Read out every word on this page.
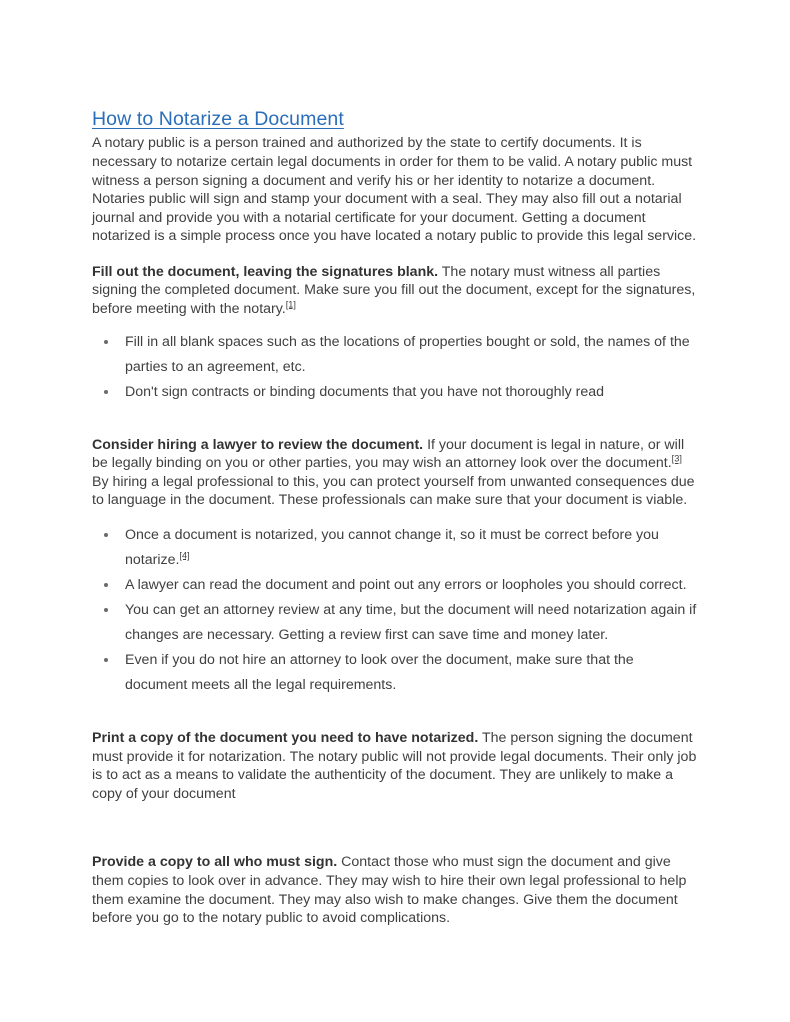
How to Notarize a Document

A notary public is a person trained and authorized by the state to certify documents. It is necessary to notarize certain legal documents in order for them to be valid. A notary public must witness a person signing a document and verify his or her identity to notarize a document. Notaries public will sign and stamp your document with a seal. They may also fill out a notarial journal and provide you with a notarial certificate for your document. Getting a document notarized is a simple process once you have located a notary public to provide this legal service.

Fill out the document, leaving the signatures blank. The notary must witness all parties signing the completed document. Make sure you fill out the document, except for the signatures, before meeting with the notary.[1]

Fill in all blank spaces such as the locations of properties bought or sold, the names of the parties to an agreement, etc.
Don't sign contracts or binding documents that you have not thoroughly read

Consider hiring a lawyer to review the document. If your document is legal in nature, or will be legally binding on you or other parties, you may wish an attorney look over the document.[3] By hiring a legal professional to this, you can protect yourself from unwanted consequences due to language in the document. These professionals can make sure that your document is viable.

Once a document is notarized, you cannot change it, so it must be correct before you notarize.[4]
A lawyer can read the document and point out any errors or loopholes you should correct.
You can get an attorney review at any time, but the document will need notarization again if changes are necessary. Getting a review first can save time and money later.
Even if you do not hire an attorney to look over the document, make sure that the document meets all the legal requirements.

Print a copy of the document you need to have notarized. The person signing the document must provide it for notarization. The notary public will not provide legal documents. Their only job is to act as a means to validate the authenticity of the document. They are unlikely to make a copy of your document

Provide a copy to all who must sign. Contact those who must sign the document and give them copies to look over in advance. They may wish to hire their own legal professional to help them examine the document. They may also wish to make changes. Give them the document before you go to the notary public to avoid complications.
